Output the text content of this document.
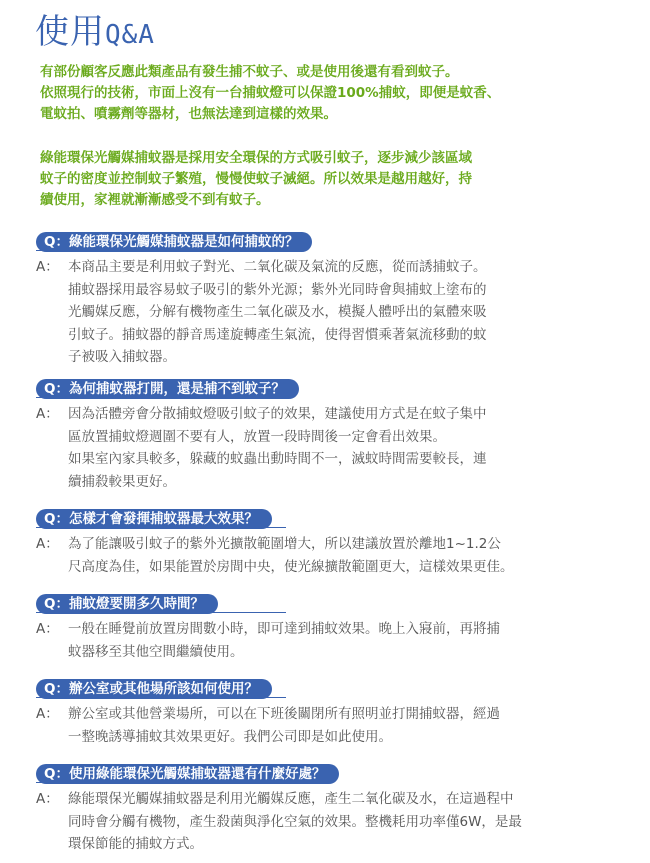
使用Q&A

有部份顧客反應此類產品有發生捕不蚊子、或是使用後還有看到蚊子。

依照現行的技術，市面上沒有一台捕蚊燈可以保證100%捕蚊，即便是蚊香、

電蚊拍、噴霧劑等器材，也無法達到這樣的效果。

綠能環保光觸媒捕蚊器是採用安全環保的方式吸引蚊子，逐步減少該區域

蚊子的密度並控制蚊子繁殖，慢慢使蚊子滅絕。所以效果是越用越好，持

續使用，家裡就漸漸感受不到有蚊子。

Q：綠能環保光觸媒捕蚊器是如何捕蚊的？
A： 本商品主要是利用蚊子對光、二氧化碳及氣流的反應，從而誘捕蚊子。

捕蚊器採用最容易蚊子吸引的紫外光源；紫外光同時會與捕蚊上塗布的

光觸媒反應，分解有機物產生二氧化碳及水，模擬人體呼出的氣體來吸

引蚊子。捕蚊器的靜音馬達旋轉產生氣流，使得習慣乘著氣流移動的蚊

子被吸入捕蚊器。

Q：為何捕蚊器打開，還是捕不到蚊子？
A： 因為活體旁會分散捕蚊燈吸引蚊子的效果，建議使用方式是在蚊子集中

區放置捕蚊燈週圍不要有人，放置一段時間後一定會看出效果。

如果室內家具較多，躲藏的蚊蟲出動時間不一，滅蚊時間需要較長，連

續捕殺較果更好。

Q：怎樣才會發揮捕蚊器最大效果？
A： 為了能讓吸引蚊子的紫外光擴散範圍增大，所以建議放置於離地1~1.2公

尺高度為佳，如果能置於房間中央，使光線擴散範圍更大，這樣效果更佳。

Q：捕蚊燈要開多久時間？
A： 一般在睡覺前放置房間數小時，即可達到捕蚊效果。晚上入寢前，再將捕

蚊器移至其他空間繼續使用。

Q：辦公室或其他場所該如何使用？
A： 辦公室或其他營業場所，可以在下班後關閉所有照明並打開捕蚊器，經過

一整晚誘導捕蚊其效果更好。我們公司即是如此使用。

Q：使用綠能環保光觸媒捕蚊器還有什麼好處？
A： 綠能環保光觸媒捕蚊器是利用光觸媒反應，產生二氧化碳及水，在這過程中

同時會分觸有機物，產生殺菌與淨化空氣的效果。整機耗用功率僅6W，是最

環保節能的捕蚊方式。
